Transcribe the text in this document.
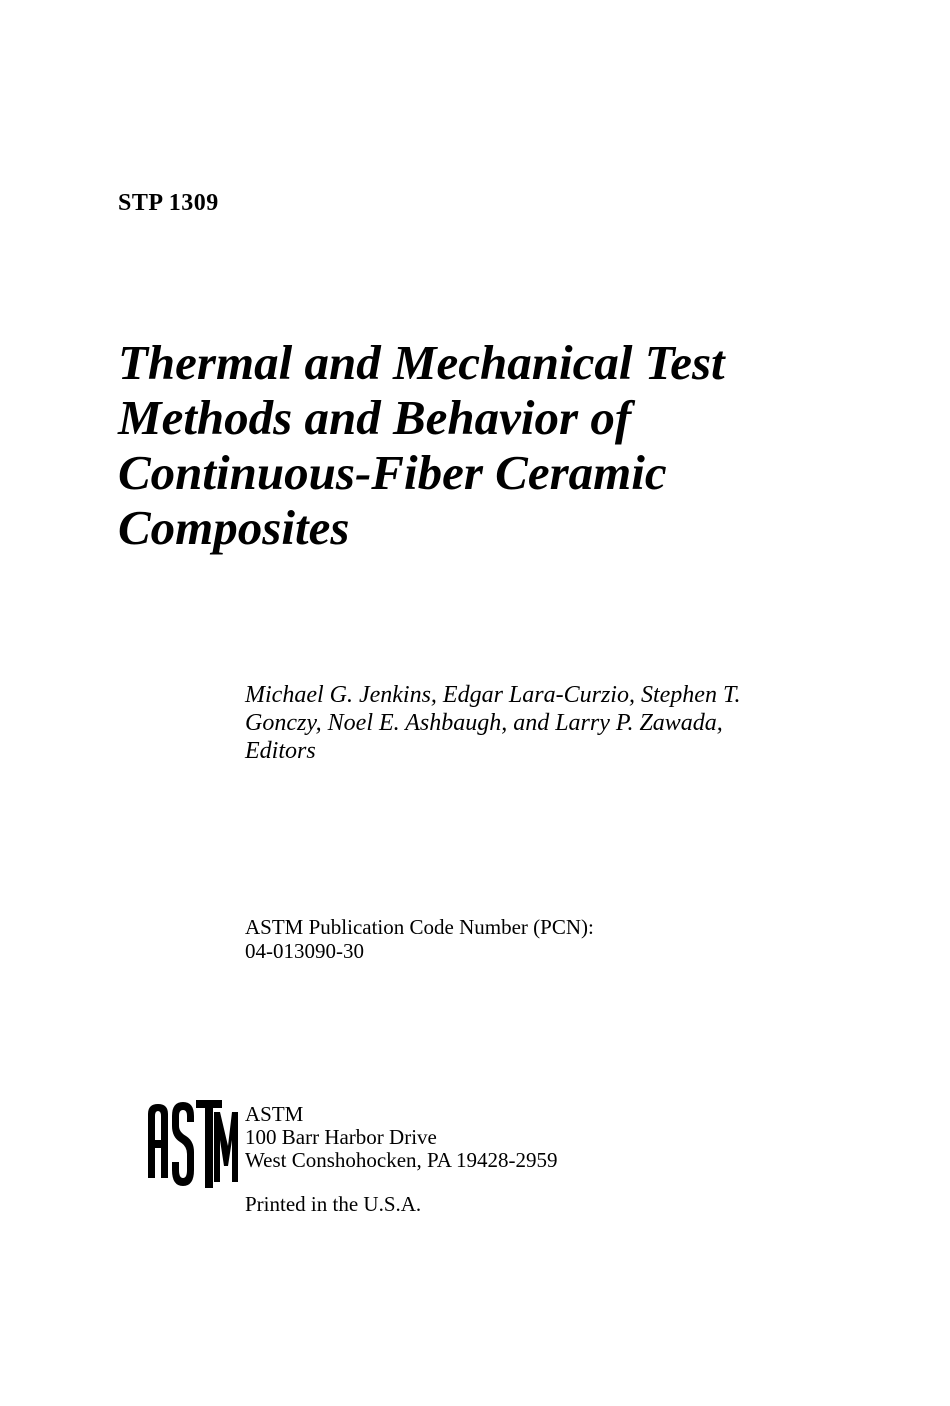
STP 1309
Thermal and Mechanical Test
Methods and Behavior of
Continuous-Fiber Ceramic
Composites
Michael G. Jenkins, Edgar Lara-Curzio, Stephen T.
Gonczy, Noel E. Ashbaugh, and Larry P. Zawada,
Editors
ASTM Publication Code Number (PCN):
04-013090-30
ASTM
100 Barr Harbor Drive
West Conshohocken, PA 19428-2959
Printed in the U.S.A.
